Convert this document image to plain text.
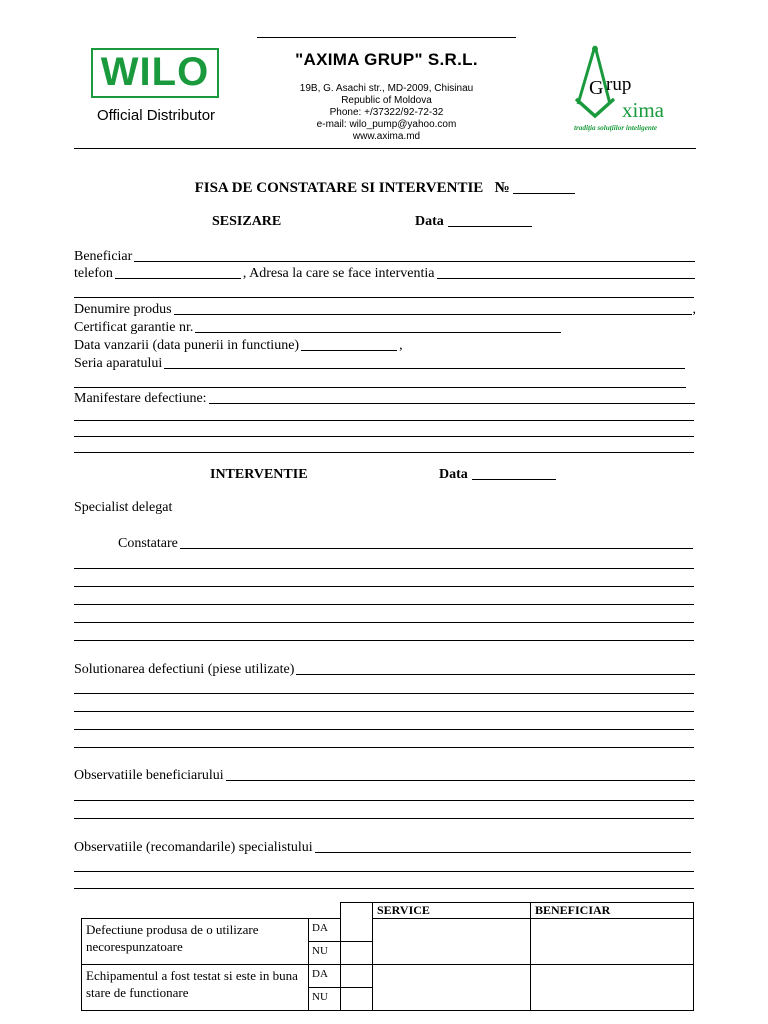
WILO
Official Distributor
"AXIMA GRUP" S.R.L.
19B, G. Asachi str., MD-2009, Chisinau
Republic of Moldova
Phone: +/37322/92-72-32
e-mail: wilo_pump@yahoo.com
www.axima.md
G rup
xima
tradiţia soluţiilor inteligente
FISA DE CONSTATARE SI INTERVENTIE №
SESIZARE	Data
Beneficiar
telefon	, Adresa la care se face interventia
Denumire produs	,
Certificat garantie nr.
Data vanzarii (data punerii in functiune)	,
Seria aparatului
Manifestare defectiune:
INTERVENTIE	Data
Specialist delegat
Constatare
Solutionarea defectiuni (piese utilizate)
Observatiile beneficiarului
Observatiile (recomandarile) specialistului
			SERVICE	BENEFICIAR
Defectiune produsa de o utilizare necorespunzatoare	DA			
	NU			
Echipamentul a fost testat si este in buna stare de functionare	DA			
	NU			
